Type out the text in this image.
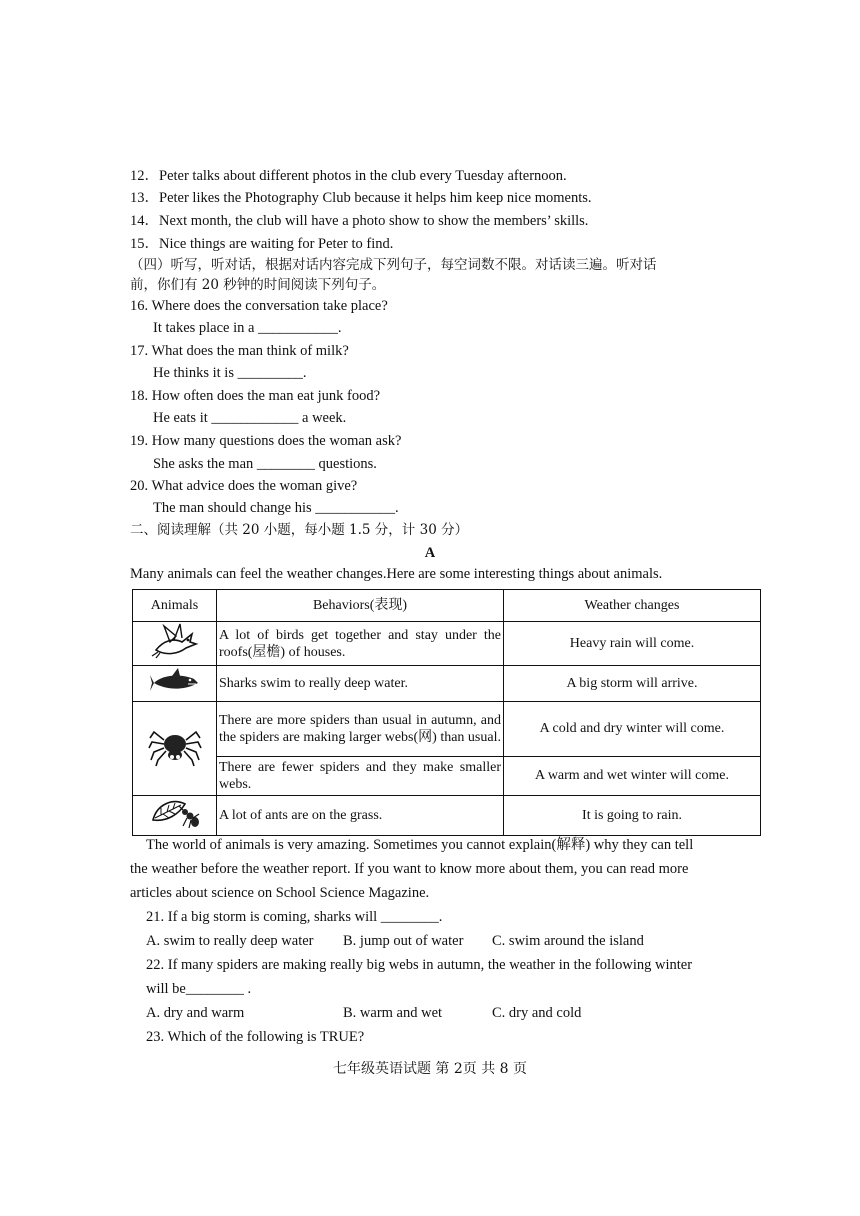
12．Peter talks about different photos in the club every Tuesday afternoon.
13．Peter likes the Photography Club because it helps him keep nice moments.
14．Next month, the club will have a photo show to show the members’ skills.
15．Nice things are waiting for Peter to find.
（四）听写，听对话，根据对话内容完成下列句子，每空词数不限。对话读三遍。听对话
前，你们有 20 秒钟的时间阅读下列句子。
16. Where does the conversation take place?
It takes place in a ___________.
17. What does the man think of milk?
He thinks it is _________.
18. How often does the man eat junk food?
He eats it ____________ a week.
19. How many questions does the woman ask?
She asks the man ________ questions.
20. What advice does the woman give?
The man should change his ___________.
二、阅读理解（共 20 小题，每小题 1.5 分，计 30 分）
A
Many animals can feel the weather changes.Here are some interesting things about animals.
Animals	Behaviors(表现)	Weather changes
	A lot of birds get together and stay under the roofs(屋檐) of houses.	Heavy rain will come.
	Sharks swim to really deep water.	A big storm will arrive.
	There are more spiders than usual in autumn, and the spiders are making larger webs(网) than usual.	A cold and dry winter will come.
	There are fewer spiders and they make smaller webs.	A warm and wet winter will come.
	A lot of ants are on the grass.	It is going to rain.
The world of animals is very amazing. Sometimes you cannot explain(解释) why they can tell
the weather before the weather report. If you want to know more about them, you can read more
articles about science on School Science Magazine.
21. If a big storm is coming, sharks will ________.
A. swim to really deep water B. jump out of water C. swim around the island
22. If many spiders are making really big webs in autumn, the weather in the following winter
will be________ .
A. dry and warm	B. warm and wet	C. dry and cold
23. Which of the following is TRUE?
七年级英语试题 第 2页 共 8 页
